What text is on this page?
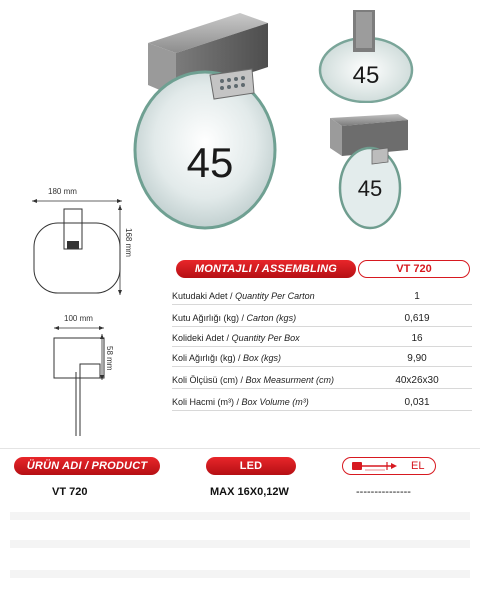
45
45
45
180 mm
168 mm
100 mm
58 mm
MONTAJLI / ASSEMBLING	VT 720
Kutudaki Adet / Quantity Per Carton	1
Kutu Ağırlığı (kg) / Carton (kgs)	0,619
Kolideki Adet / Quantity Per Box	16
Koli Ağırlığı (kg) / Box (kgs)	9,90
Koli Ölçüsü (cm) / Box Measurment (cm)	40x26x30
Koli Hacmi (m³) / Box Volume (m³)	0,031
ÜRÜN ADI / PRODUCT	LED	EL
VT 720	MAX 16X0,12W	---------------
